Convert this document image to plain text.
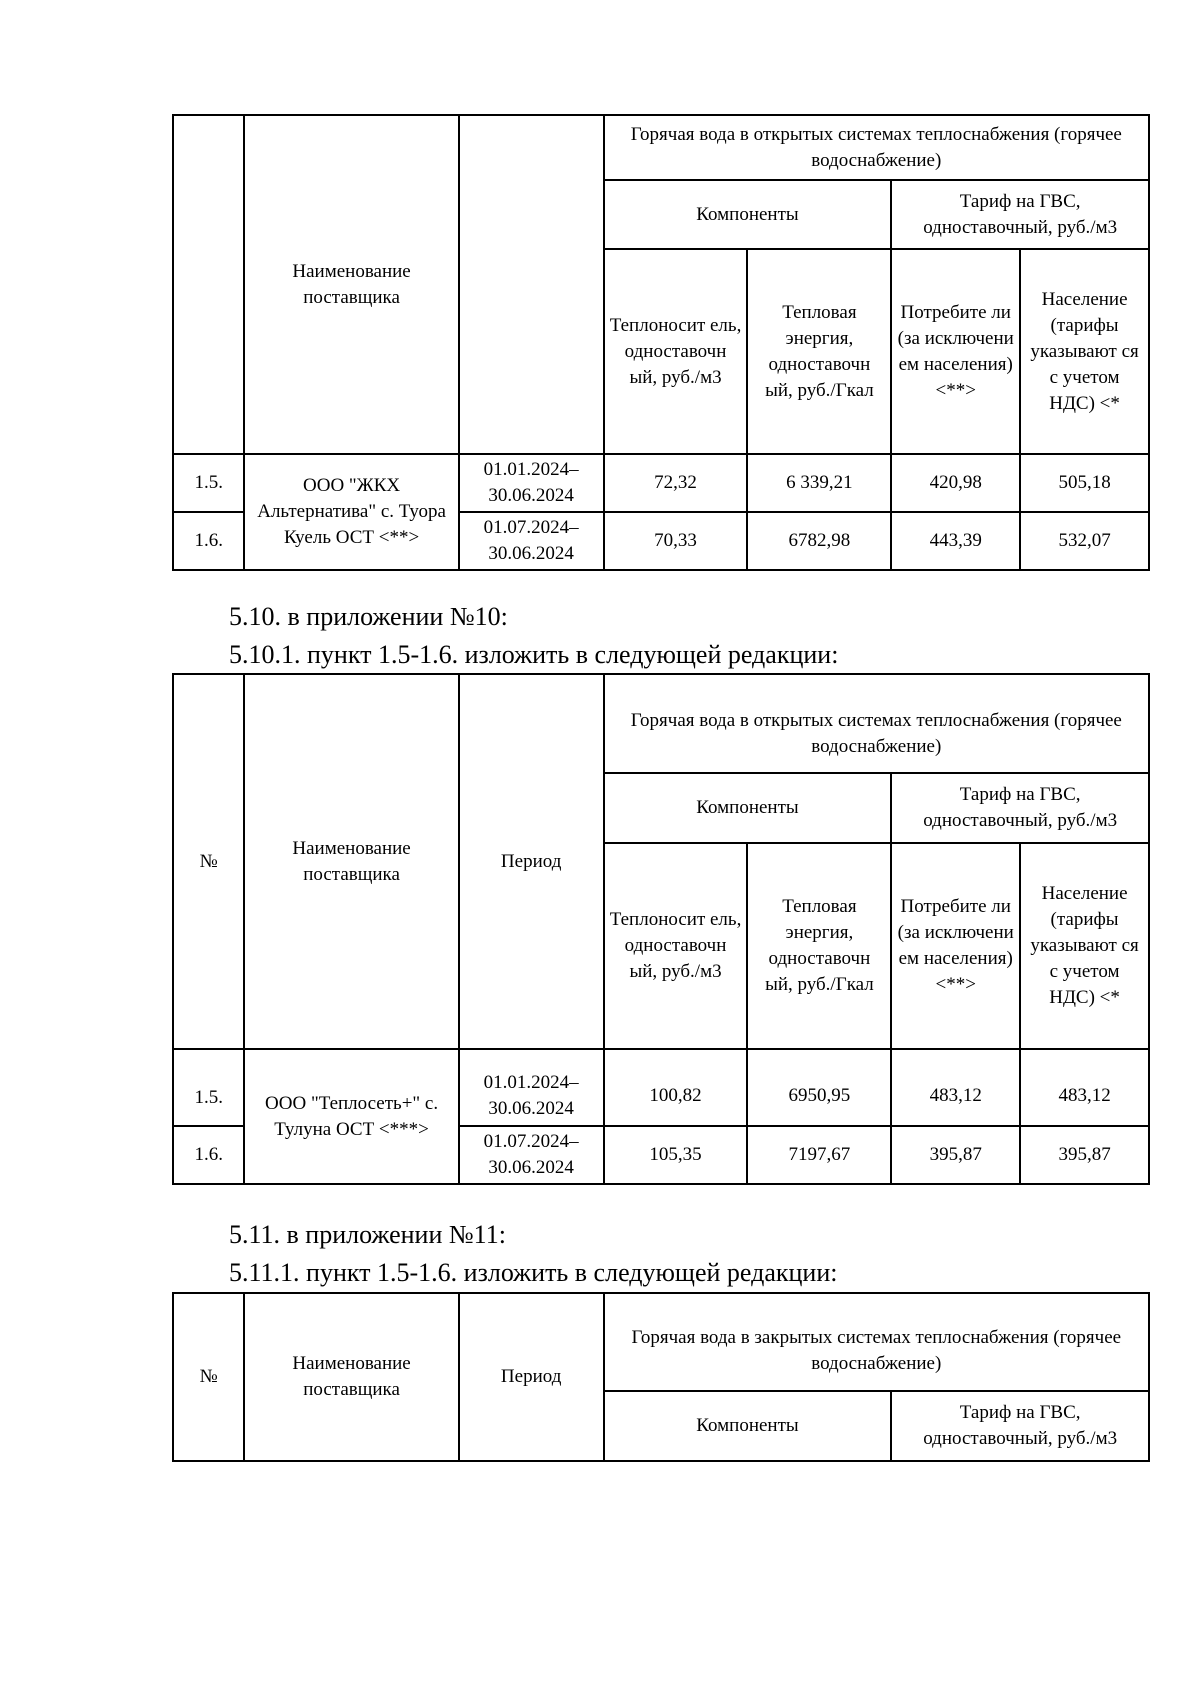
	Наименование поставщика		Горячая вода в открытых системах теплоснабжения (горячее водоснабжение)			
			Компоненты		Тариф на ГВС, одноставочный, руб./м3	
			Теплоносит ель, одноставочн ый, руб./м3	Тепловая энергия, одноставочн ый, руб./Гкал	Потребите ли (за исключени ем населения) <**>	Население (тарифы указывают ся с учетом НДС) <*
1.5.	ООО "ЖКХ Альтернатива" с. Туора Куель ОСТ <**>	01.01.2024– 30.06.2024	72,32	6 339,21	420,98	505,18
1.6.		01.07.2024– 30.06.2024	70,33	6782,98	443,39	532,07

5.10. в приложении №10:

5.10.1. пункт 1.5-1.6. изложить в следующей редакции:

№	Наименование поставщика	Период	Горячая вода в открытых системах теплоснабжения (горячее водоснабжение)			
			Компоненты		Тариф на ГВС, одноставочный, руб./м3	
			Теплоносит ель, одноставочн ый, руб./м3	Тепловая энергия, одноставочн ый, руб./Гкал	Потребите ли (за исключени ем населения) <**>	Население (тарифы указывают ся с учетом НДС) <*
1.5.	ООО "Теплосеть+" с. Тулуна ОСТ <***>	01.01.2024– 30.06.2024	100,82	6950,95	483,12	483,12
1.6.		01.07.2024– 30.06.2024	105,35	7197,67	395,87	395,87

5.11. в приложении №11:

5.11.1. пункт 1.5-1.6. изложить в следующей редакции:

№	Наименование поставщика	Период	Горячая вода в закрытых системах теплоснабжения (горячее водоснабжение)	
			Компоненты	Тариф на ГВС, одноставочный, руб./м3
